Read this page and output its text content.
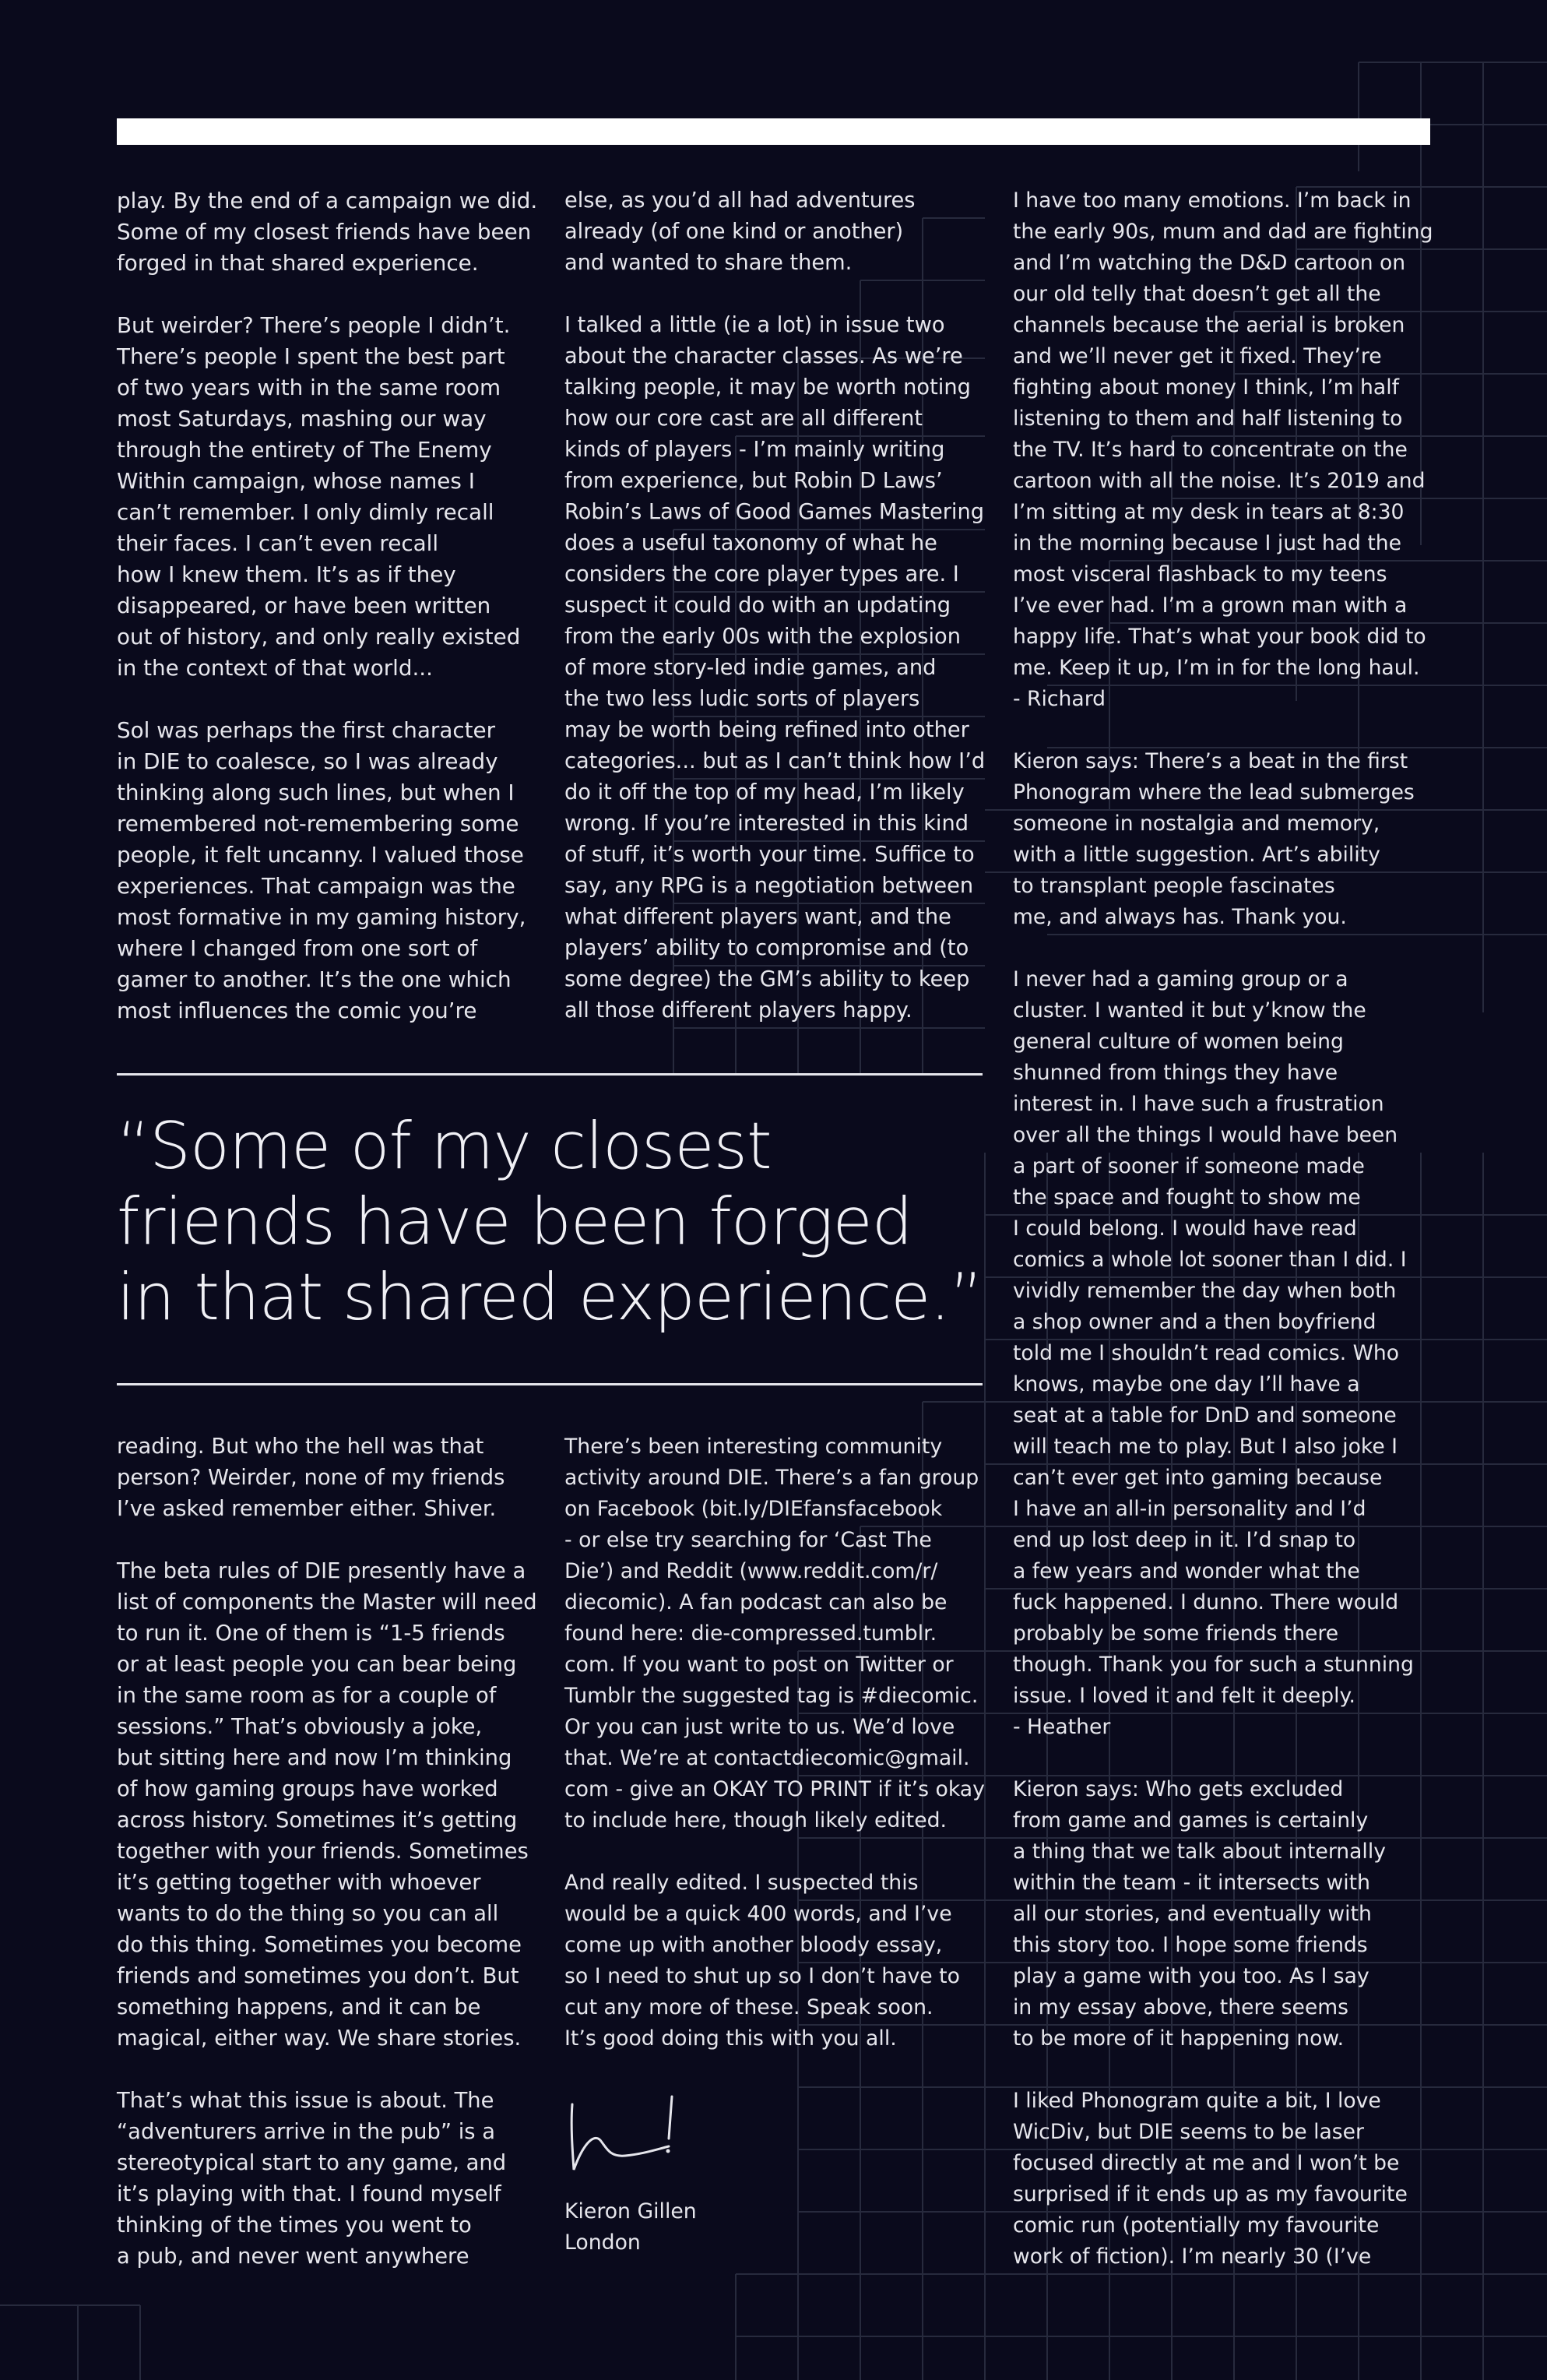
play. By the end of a campaign we did.
Some of my closest friends have been
forged in that shared experience.

But weirder? There’s people I didn’t.
There’s people I spent the best part
of two years with in the same room
most Saturdays, mashing our way
through the entirety of The Enemy
Within campaign, whose names I
can’t remember. I only dimly recall
their faces. I can’t even recall
how I knew them. It’s as if they
disappeared, or have been written
out of history, and only really existed
in the context of that world...

Sol was perhaps the first character
in DIE to coalesce, so I was already
thinking along such lines, but when I
remembered not-remembering some
people, it felt uncanny. I valued those
experiences. That campaign was the
most formative in my gaming history,
where I changed from one sort of
gamer to another. It’s the one which
most influences the comic you’re

else, as you’d all had adventures
already (of one kind or another)
and wanted to share them.

I talked a little (ie a lot) in issue two
about the character classes. As we’re
talking people, it may be worth noting
how our core cast are all different
kinds of players - I’m mainly writing
from experience, but Robin D Laws’
Robin’s Laws of Good Games Mastering
does a useful taxonomy of what he
considers the core player types are. I
suspect it could do with an updating
from the early 00s with the explosion
of more story-led indie games, and
the two less ludic sorts of players
may be worth being refined into other
categories... but as I can’t think how I’d
do it off the top of my head, I’m likely
wrong. If you’re interested in this kind
of stuff, it’s worth your time. Suffice to
say, any RPG is a negotiation between
what different players want, and the
players’ ability to compromise and (to
some degree) the GM’s ability to keep
all those different players happy.

“Some of my closest
friends have been forged
in that shared experience.”

reading. But who the hell was that
person? Weirder, none of my friends
I’ve asked remember either. Shiver.

The beta rules of DIE presently have a
list of components the Master will need
to run it. One of them is “1-5 friends
or at least people you can bear being
in the same room as for a couple of
sessions.” That’s obviously a joke,
but sitting here and now I’m thinking
of how gaming groups have worked
across history. Sometimes it’s getting
together with your friends. Sometimes
it’s getting together with whoever
wants to do the thing so you can all
do this thing. Sometimes you become
friends and sometimes you don’t. But
something happens, and it can be
magical, either way. We share stories.

That’s what this issue is about. The
“adventurers arrive in the pub” is a
stereotypical start to any game, and
it’s playing with that. I found myself
thinking of the times you went to
a pub, and never went anywhere

There’s been interesting community
activity around DIE. There’s a fan group
on Facebook (bit.ly/DIEfansfacebook
- or else try searching for ‘Cast The
Die’) and Reddit (www.reddit.com/r/
diecomic). A fan podcast can also be
found here: die-compressed.tumblr.
com. If you want to post on Twitter or
Tumblr the suggested tag is #diecomic.
Or you can just write to us. We’d love
that. We’re at contactdiecomic@gmail.
com - give an OKAY TO PRINT if it’s okay
to include here, though likely edited.

And really edited. I suspected this
would be a quick 400 words, and I’ve
come up with another bloody essay,
so I need to shut up so I don’t have to
cut any more of these. Speak soon.
It’s good doing this with you all.

Kieron Gillen
London

I have too many emotions. I’m back in
the early 90s, mum and dad are fighting
and I’m watching the D&D cartoon on
our old telly that doesn’t get all the
channels because the aerial is broken
and we’ll never get it fixed. They’re
fighting about money I think, I’m half
listening to them and half listening to
the TV. It’s hard to concentrate on the
cartoon with all the noise. It’s 2019 and
I’m sitting at my desk in tears at 8:30
in the morning because I just had the
most visceral flashback to my teens
I’ve ever had. I’m a grown man with a
happy life. That’s what your book did to
me. Keep it up, I’m in for the long haul.
- Richard

Kieron says: There’s a beat in the first
Phonogram where the lead submerges
someone in nostalgia and memory,
with a little suggestion. Art’s ability
to transplant people fascinates
me, and always has. Thank you.

I never had a gaming group or a
cluster. I wanted it but y’know the
general culture of women being
shunned from things they have
interest in. I have such a frustration
over all the things I would have been
a part of sooner if someone made
the space and fought to show me
I could belong. I would have read
comics a whole lot sooner than I did. I
vividly remember the day when both
a shop owner and a then boyfriend
told me I shouldn’t read comics. Who
knows, maybe one day I’ll have a
seat at a table for DnD and someone
will teach me to play. But I also joke I
can’t ever get into gaming because
I have an all-in personality and I’d
end up lost deep in it. I’d snap to
a few years and wonder what the
fuck happened. I dunno. There would
probably be some friends there
though. Thank you for such a stunning
issue. I loved it and felt it deeply.
- Heather

Kieron says: Who gets excluded
from game and games is certainly
a thing that we talk about internally
within the team - it intersects with
all our stories, and eventually with
this story too. I hope some friends
play a game with you too. As I say
in my essay above, there seems
to be more of it happening now.

I liked Phonogram quite a bit, I love
WicDiv, but DIE seems to be laser
focused directly at me and I won’t be
surprised if it ends up as my favourite
comic run (potentially my favourite
work of fiction). I’m nearly 30 (I’ve
